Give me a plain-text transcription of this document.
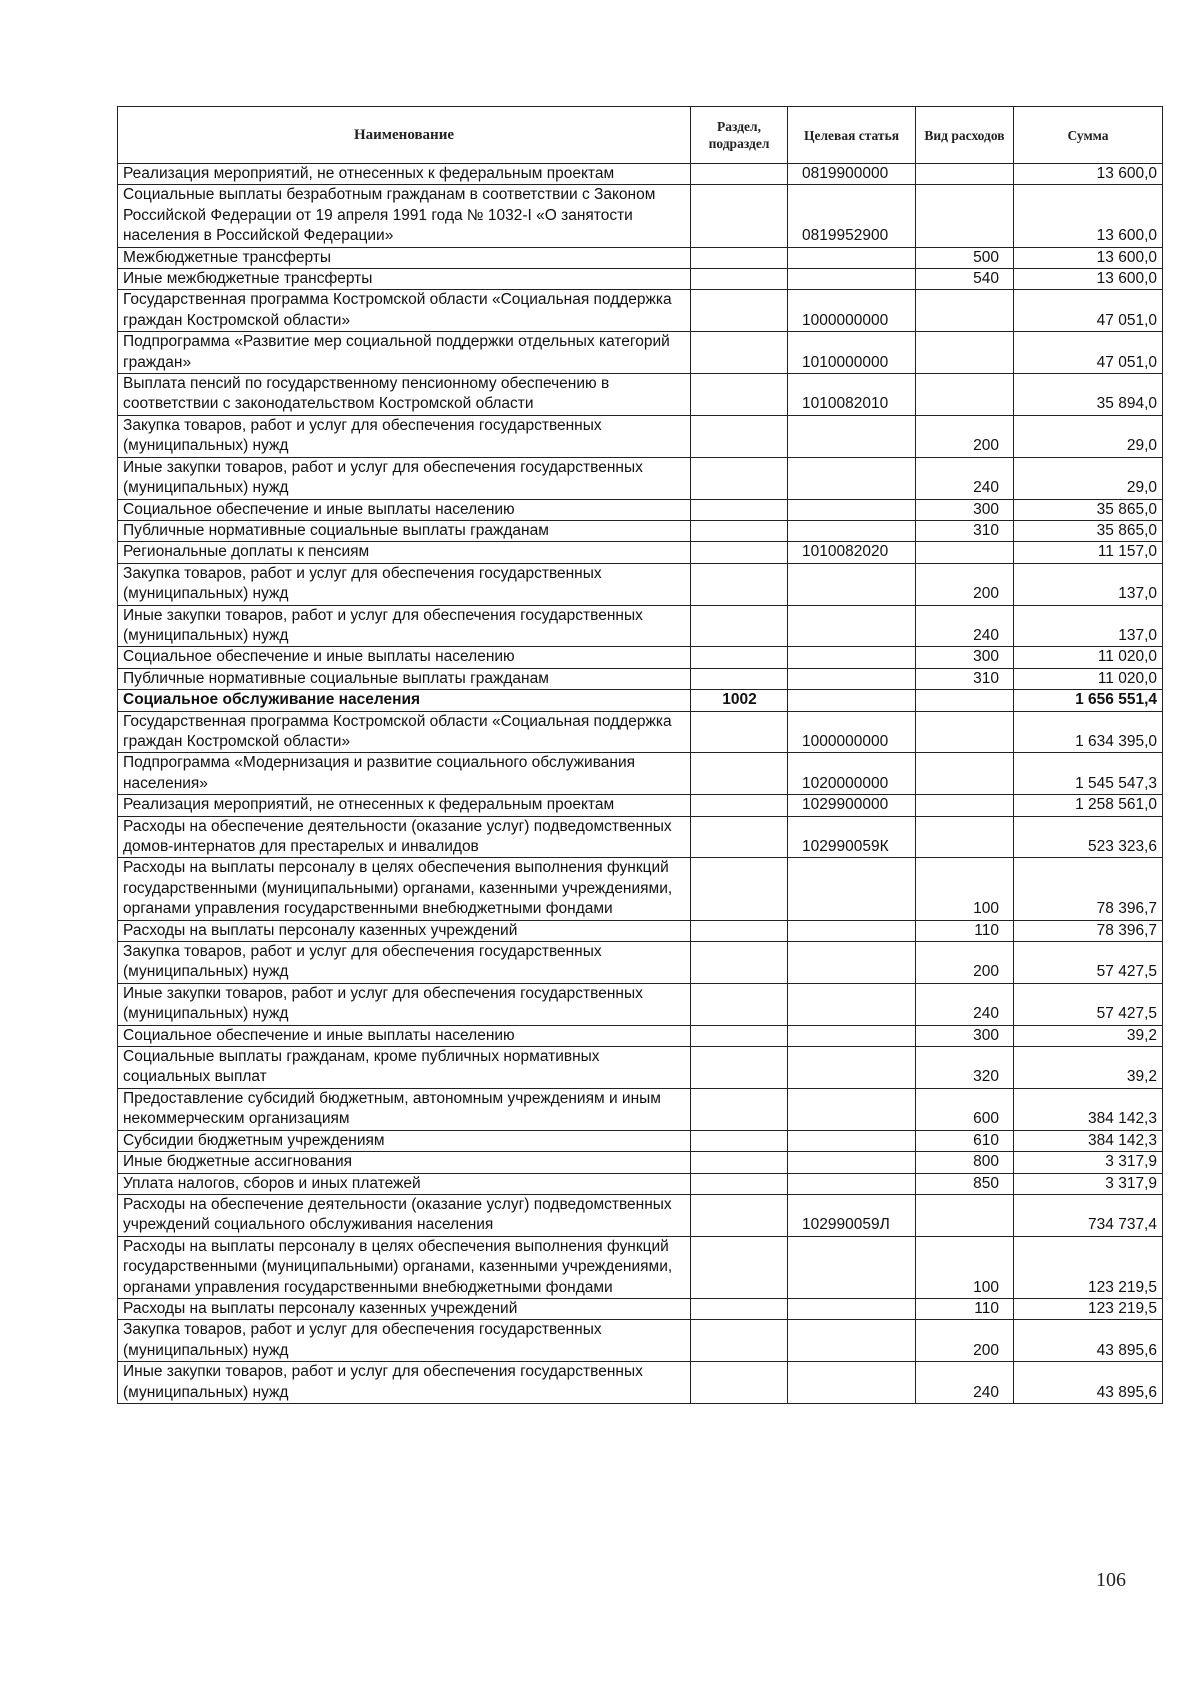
Наименование	Раздел, подраздел	Целевая статья	Вид расходов	Сумма
Реализация мероприятий, не отнесенных к федеральным проектам		0819900000		13 600,0
Социальные выплаты безработным гражданам в соответствии с Законом Российской Федерации от 19 апреля 1991 года № 1032-I «О занятости населения в Российской Федерации»		0819952900		13 600,0
Межбюджетные трансферты			500	13 600,0
Иные межбюджетные трансферты			540	13 600,0
Государственная программа Костромской области «Социальная поддержка граждан Костромской области»		1000000000		47 051,0
Подпрограмма «Развитие мер социальной поддержки отдельных категорий граждан»		1010000000		47 051,0
Выплата пенсий по государственному пенсионному обеспечению в соответствии с законодательством Костромской области		1010082010		35 894,0
Закупка товаров, работ и услуг для обеспечения государственных (муниципальных) нужд			200	29,0
Иные закупки товаров, работ и услуг для обеспечения государственных (муниципальных) нужд			240	29,0
Социальное обеспечение и иные выплаты населению			300	35 865,0
Публичные нормативные социальные выплаты гражданам			310	35 865,0
Региональные доплаты к пенсиям		1010082020		11 157,0
Закупка товаров, работ и услуг для обеспечения государственных (муниципальных) нужд			200	137,0
Иные закупки товаров, работ и услуг для обеспечения государственных (муниципальных) нужд			240	137,0
Социальное обеспечение и иные выплаты населению			300	11 020,0
Публичные нормативные социальные выплаты гражданам			310	11 020,0
Социальное обслуживание населения	1002			1 656 551,4
Государственная программа Костромской области «Социальная поддержка граждан Костромской области»		1000000000		1 634 395,0
Подпрограмма «Модернизация и развитие социального обслуживания населения»		1020000000		1 545 547,3
Реализация мероприятий, не отнесенных к федеральным проектам		1029900000		1 258 561,0
Расходы на обеспечение деятельности (оказание услуг) подведомственных домов-интернатов для престарелых и инвалидов		102990059К		523 323,6
Расходы на выплаты персоналу в целях обеспечения выполнения функций государственными (муниципальными) органами, казенными учреждениями, органами управления государственными внебюджетными фондами			100	78 396,7
Расходы на выплаты персоналу казенных учреждений			110	78 396,7
Закупка товаров, работ и услуг для обеспечения государственных (муниципальных) нужд			200	57 427,5
Иные закупки товаров, работ и услуг для обеспечения государственных (муниципальных) нужд			240	57 427,5
Социальное обеспечение и иные выплаты населению			300	39,2
Социальные выплаты гражданам, кроме публичных нормативных социальных выплат			320	39,2
Предоставление субсидий бюджетным, автономным учреждениям и иным некоммерческим организациям			600	384 142,3
Субсидии бюджетным учреждениям			610	384 142,3
Иные бюджетные ассигнования			800	3 317,9
Уплата налогов, сборов и иных платежей			850	3 317,9
Расходы на обеспечение деятельности (оказание услуг) подведомственных учреждений социального обслуживания населения		102990059Л		734 737,4
Расходы на выплаты персоналу в целях обеспечения выполнения функций государственными (муниципальными) органами, казенными учреждениями, органами управления государственными внебюджетными фондами			100	123 219,5
Расходы на выплаты персоналу казенных учреждений			110	123 219,5
Закупка товаров, работ и услуг для обеспечения государственных (муниципальных) нужд			200	43 895,6
Иные закупки товаров, работ и услуг для обеспечения государственных (муниципальных) нужд			240	43 895,6
106
